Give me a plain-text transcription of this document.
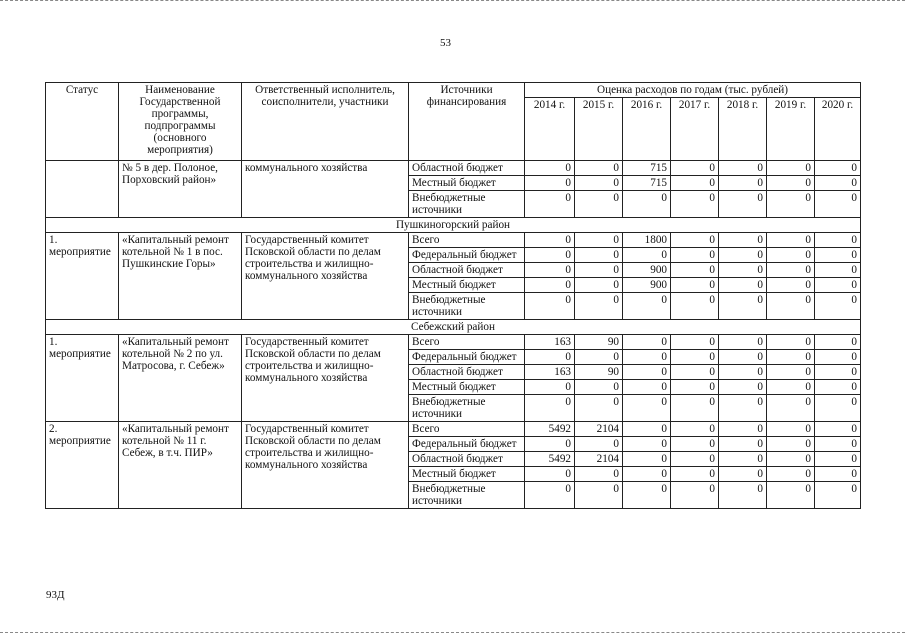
53
Статус	Наименование Государственной программы, подпрограммы (основного мероприятия)	Ответственный исполнитель, соисполнители, участники	Источники финансирования	Оценка расходов по годам (тыс. рублей)						
				2014 г.	2015 г.	2016 г.	2017 г.	2018 г.	2019 г.	2020 г.
	№ 5 в дер. Полоное, Порховский район»	коммунального хозяйства	Областной бюджет	0	0	715	0	0	0	0
			Местный бюджет	0	0	715	0	0	0	0
			Внебюджетные источники	0	0	0	0	0	0	0
Пушкиногорский район										
1. мероприятие	«Капитальный ремонт котельной № 1 в пос. Пушкинские Горы»	Государственный комитет Псковской области по делам строительства и жилищно-коммунального хозяйства	Всего	0	0	1800	0	0	0	0
			Федеральный бюджет	0	0	0	0	0	0	0
			Областной бюджет	0	0	900	0	0	0	0
			Местный бюджет	0	0	900	0	0	0	0
			Внебюджетные источники	0	0	0	0	0	0	0
Себежский район										
1. мероприятие	«Капитальный ремонт котельной № 2 по ул. Матросова, г. Себеж»	Государственный комитет Псковской области по делам строительства и жилищно-коммунального хозяйства	Всего	163	90	0	0	0	0	0
			Федеральный бюджет	0	0	0	0	0	0	0
			Областной бюджет	163	90	0	0	0	0	0
			Местный бюджет	0	0	0	0	0	0	0
			Внебюджетные источники	0	0	0	0	0	0	0
2. мероприятие	«Капитальный ремонт котельной № 11 г. Себеж, в т.ч. ПИР»	Государственный комитет Псковской области по делам строительства и жилищно-коммунального хозяйства	Всего	5492	2104	0	0	0	0	0
			Федеральный бюджет	0	0	0	0	0	0	0
			Областной бюджет	5492	2104	0	0	0	0	0
			Местный бюджет	0	0	0	0	0	0	0
			Внебюджетные источники	0	0	0	0	0	0	0
93Д
